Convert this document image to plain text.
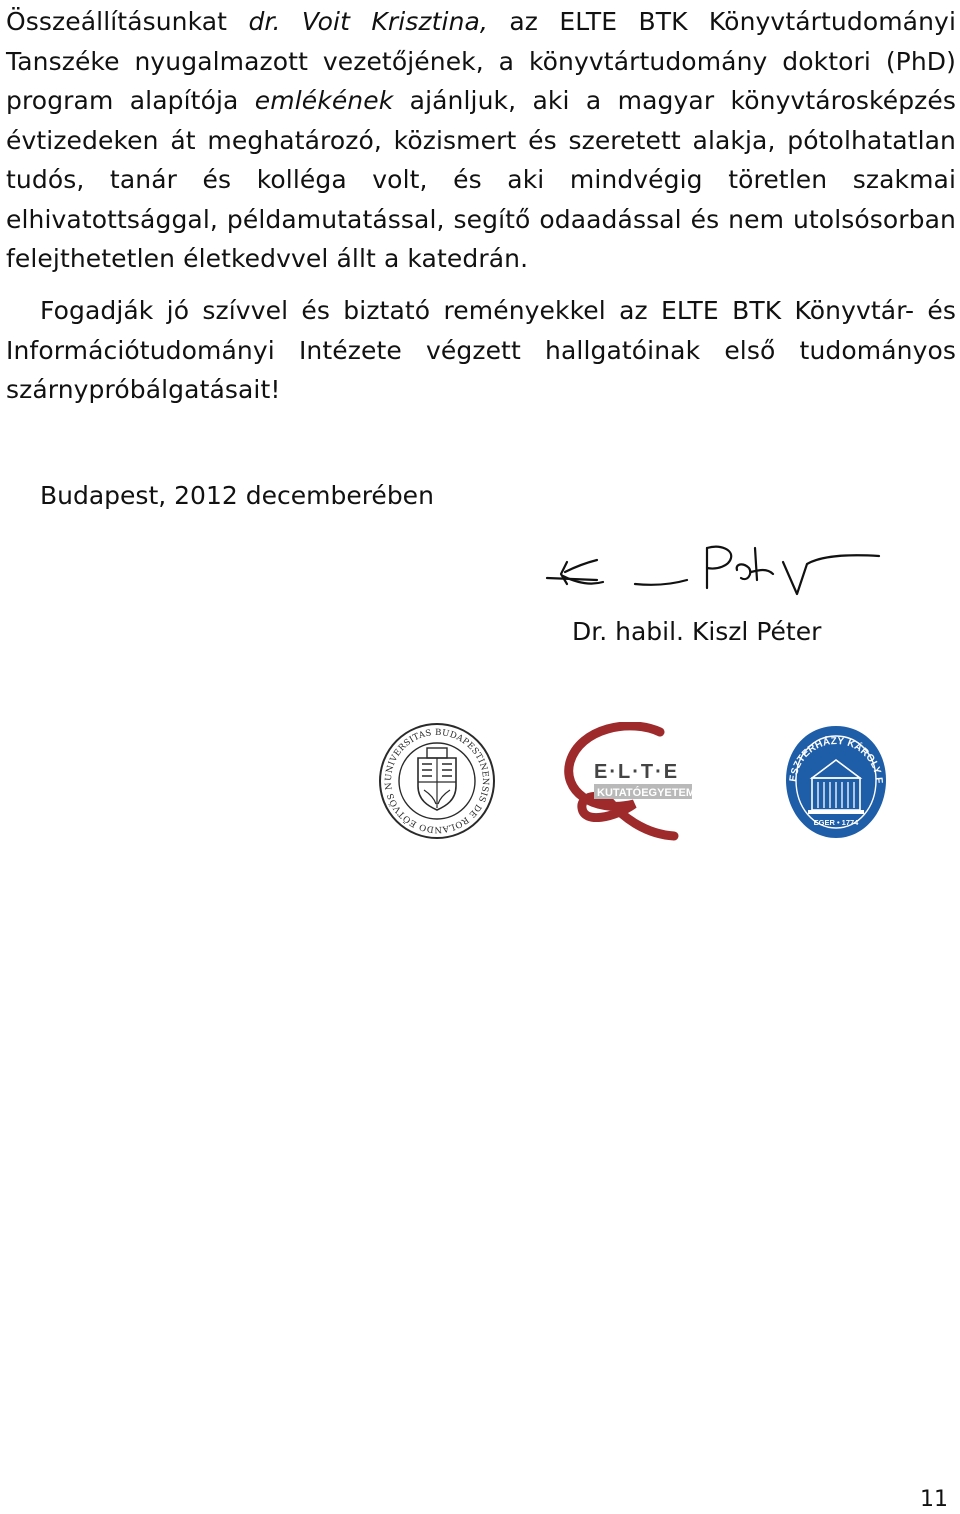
Összeállításunkat dr. Voit Krisztina, az ELTE BTK Könyvtártudományi Tanszéke nyugalmazott vezetőjének, a könyvtártudomány doktori (PhD) program alapítója emlékének ajánljuk, aki a magyar könyvtárosképzés évtizedeken át meghatározó, közismert és szeretett alakja, pótolhatatlan tudós, tanár és kolléga volt, és aki mindvégig töretlen szakmai elhivatottsággal, példamutatással, segítő odaadással és nem utolsósorban felejthetetlen életkedvvel állt a katedrán.
Fogadják jó szívvel és biztató reményekkel az ELTE BTK Könyvtár- és Információtudományi Intézete végzett hallgatóinak első tudományos szárnypróbálgatásait!
Budapest, 2012 decemberében
Dr. habil. Kiszl Péter
UNIVERSITAS BUDAPESTINENSIS DE ROLANDO EÖTVÖS N
E·L·T·E
KUTATÓEGYETEM
ESZTERHÁZY KÁROLY F
EGER • 1774
11
